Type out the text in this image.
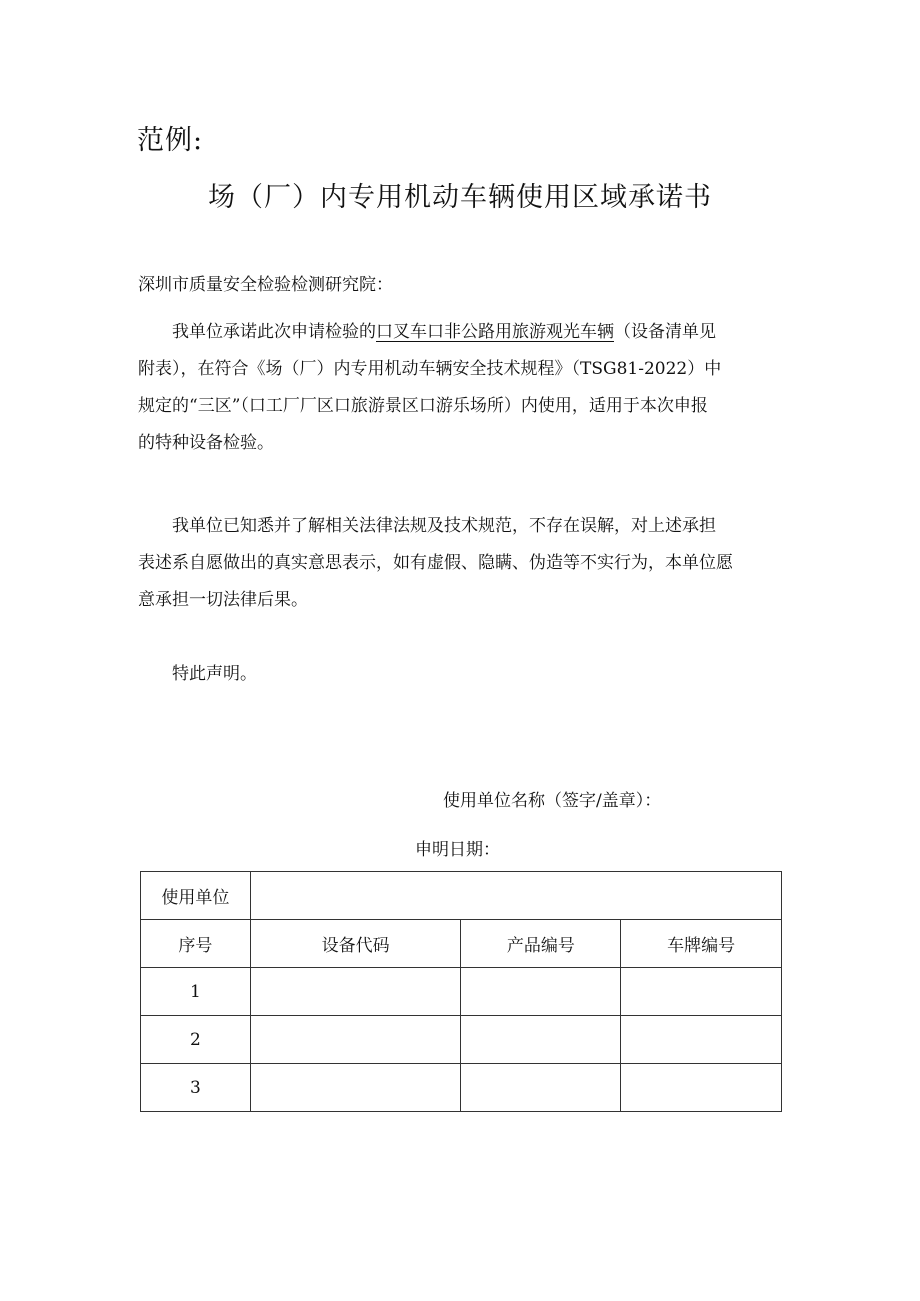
范例:
场（厂）内专用机动车辆使用区域承诺书
深圳市质量安全检验检测研究院：

我单位承诺此次申请检验的口叉车口非公路用旅游观光车辆（设备清单见

附表），在符合《场（厂）内专用机动车辆安全技术规程》（TSG81-2022）中

规定的“三区”（口工厂厂区口旅游景区口游乐场所）内使用，适用于本次申报

的特种设备检验。

我单位已知悉并了解相关法律法规及技术规范，不存在误解，对上述承担

表述系自愿做出的真实意思表示，如有虚假、隐瞒、伪造等不实行为，本单位愿

意承担一切法律后果。

特此声明。

使用单位名称（签字/盖章）：
申明日期：
使用单位			
序号	设备代码	产品编号	车牌编号
1			
2			
3			
